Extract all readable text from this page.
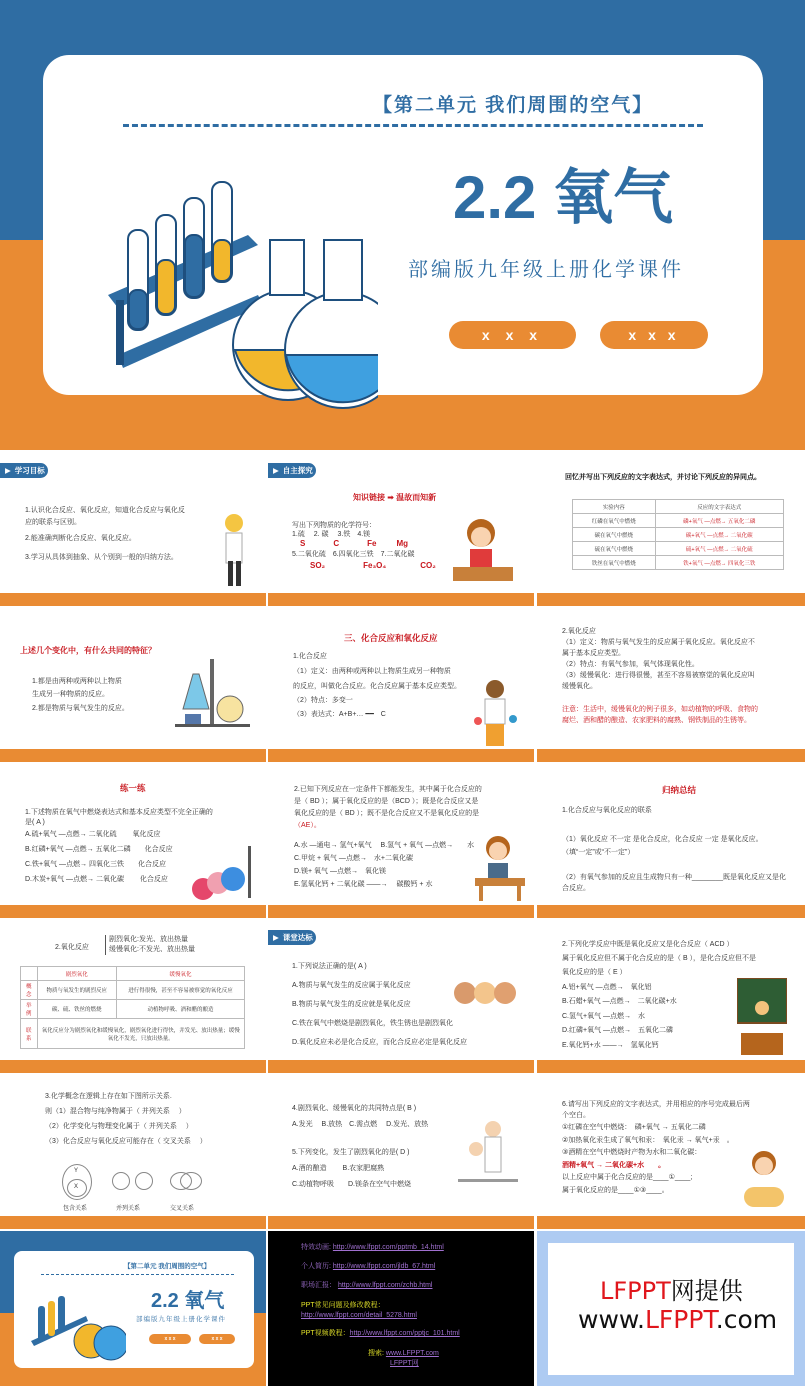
【第二单元 我们周围的空气】
2.2 氧气
部编版九年级上册化学课件
x x x	x x x
▶ 学习目标
1.认识化合反应、氧化反应，知道化合反应与氧化反
应的联系与区别。
2.能准确判断化合反应、氧化反应。
3.学习从具体到抽象、从个别到一般的归纳方法。
▶ 自主探究
知识链接 ➡ 温故而知新
写出下列物质的化学符号：
1.硫　 2. 碳　 3.铁　4.镁
S	C	Fe	Mg
5.二氧化硫　6.四氧化三铁　7.二氧化碳
SO₂	Fe₃O₄	CO₂
回忆并写出下列反应的文字表达式，并讨论下列反应的异同点。
实验内容	反应的文字表达式
红磷在氧气中燃烧	磷+氧气 —点燃→ 五氧化二磷
碳在氧气中燃烧	碳+氧气 —点燃→ 二氧化碳
硫在氧气中燃烧	硫+氧气 —点燃→ 二氧化硫
铁丝在氧气中燃烧	铁+氧气 —点燃→ 四氧化三铁
上述几个变化中，有什么共同的特征？
1.都是由两种或两种以上物质
生成另一种物质的反应。
2.都是物质与氧气发生的反应。
三、化合反应和氧化反应
1.化合反应
（1）定义：由两种或两种以上物质生成另一种物质
的反应，叫做化合反应。化合反应属于基本反应类型。
（2）特点：多变一
（3）表达式：A+B+… ━━　C
2.氧化反应
（1）定义：物质与氧气发生的反应属于氧化反应。氧化反应不
属于基本反应类型。
（2）特点：有氧气参加，氧气体现氧化性。
（3）缓慢氧化：进行得很慢，甚至不容易被察觉的氧化反应叫
缓慢氧化。
注意：生活中，缓慢氧化的例子很多，如动植物的呼吸、食物的
腐烂、酒和醋的酿造、农家肥料的腐熟、钢铁制品的生锈等。
练一练
1.下述物质在氧气中燃烧表达式和基本反应类型不完全正确的
是( A )
A.硫+氧气 —点燃→ 二氧化硫　　 氧化反应
B.红磷+氧气 —点燃→ 五氧化二磷　　化合反应
C.铁+氧气 —点燃→ 四氧化三铁　　化合反应
D.木炭+氧气 —点燃→ 二氧化碳　　 化合反应
2.已知下列反应在一定条件下都能发生，其中属于化合反应的
是（ BD ）；属于氧化反应的是（BCD ）；既是化合反应又是
氧化反应的是（ BD ）；既不是化合反应又不是氧化反应的是
（AE）。
A.水 —通电→ 氢气+氧气　 B.氢气 + 氧气 —点燃→　　水
C.甲烷 + 氧气 —点燃→　水+二氧化碳
D.镁+ 氧气 —点燃→　氧化镁
E.氢氧化钙 + 二氧化碳 ——→　 碳酸钙 + 水
归纳总结
1.化合反应与氧化反应的联系
（1）氧化反应 不一定 是化合反应，化合反应 一定 是氧化反应。
（填“一定”或“不一定”）
（2）有氧气参加的反应且生成物只有一种________既是氧化反应又是化
合反应。
2.氧化反应
剧烈氧化:发光、放出热量
缓慢氧化:不发光、放出热量
	剧烈氧化	缓慢氧化
概念	物质与氧发生的剧烈反应	进行得很慢，甚至不容易被察觉的氧化反应
举例	碳、硫、铁丝的燃烧	动植物呼吸、酒和醋的酿造
联系	氧化反应分为剧烈氧化和缓慢氧化，剧烈氧化进行得快，并发光、放出热量；缓慢氧化不发光，只放出热量。	
▶ 课堂达标
1.下列说法正确的是( A )
A.物质与氧气发生的反应属于氧化反应
B.物质与氧气发生的反应就是氧化反应
C.铁在氧气中燃烧是剧烈氧化，铁生锈也是剧烈氧化
D.氧化反应未必是化合反应，而化合反应必定是氧化反应
2.下列化学反应中既是氧化反应又是化合反应（ ACD ）
属于氧化反应但不属于化合反应的是（ B ），是化合反应但不是
氧化反应的是（ E ）
A.铝+氧气 —点燃→　氧化铝
B.石蜡+氧气 —点燃→　二氧化碳+水
C.氢气+氧气 —点燃→　水
D.红磷+氧气 —点燃→　五氧化二磷
E.氧化钙+水 ——→　氢氧化钙
3.化学概念在逻辑上存在如下图所示关系.
则（1）混合物与纯净物属于（ 并列关系　 ）
（2）化学变化与物理变化属于（ 并列关系　 ）
（3）化合反应与氧化反应可能存在（ 交叉关系　 ）
Y
X
包含关系	并列关系	交叉关系
4.剧烈氧化、缓慢氧化的共同特点是( B )
A.发光　 B.放热　C.需点燃　 D.发光、放热
5.下列变化，发生了剧烈氧化的是( D )
A.酒的酿造　　 B.农家肥腐熟
C.动植物呼吸　　D.镁条在空气中燃烧
6.请写出下列反应的文字表达式，并用相应的序号完成最后两
个空白。
①红磷在空气中燃烧：　磷+氧气 → 五氧化二磷
②加热氧化汞生成了氧气和汞：　氧化汞 → 氧气+汞　。
③酒精在空气中燃烧时产物为水和二氧化碳：
酒精+氧气 → 二氧化碳+水　　。
以上反应中属于化合反应的是____①____;
属于氧化反应的是____①③____。
【第二单元 我们周围的空气】
2.2 氧气
部编版九年级上册化学课件
x x x	x x x
特效动画: http://www.lfppt.com/pptmb_14.html
个人简历: http://www.lfppt.com/jldb_67.html
职场汇报： http://www.lfppt.com/zchb.html
PPT常见问题及修改教程：
http://www.lfppt.com/detail_5278.html
PPT视频教程：http://www.lfppt.com/pptjc_101.html
搜索: www.LFPPT.com
LFPPT网
LFPPT网提供
www.LFPPT.com
